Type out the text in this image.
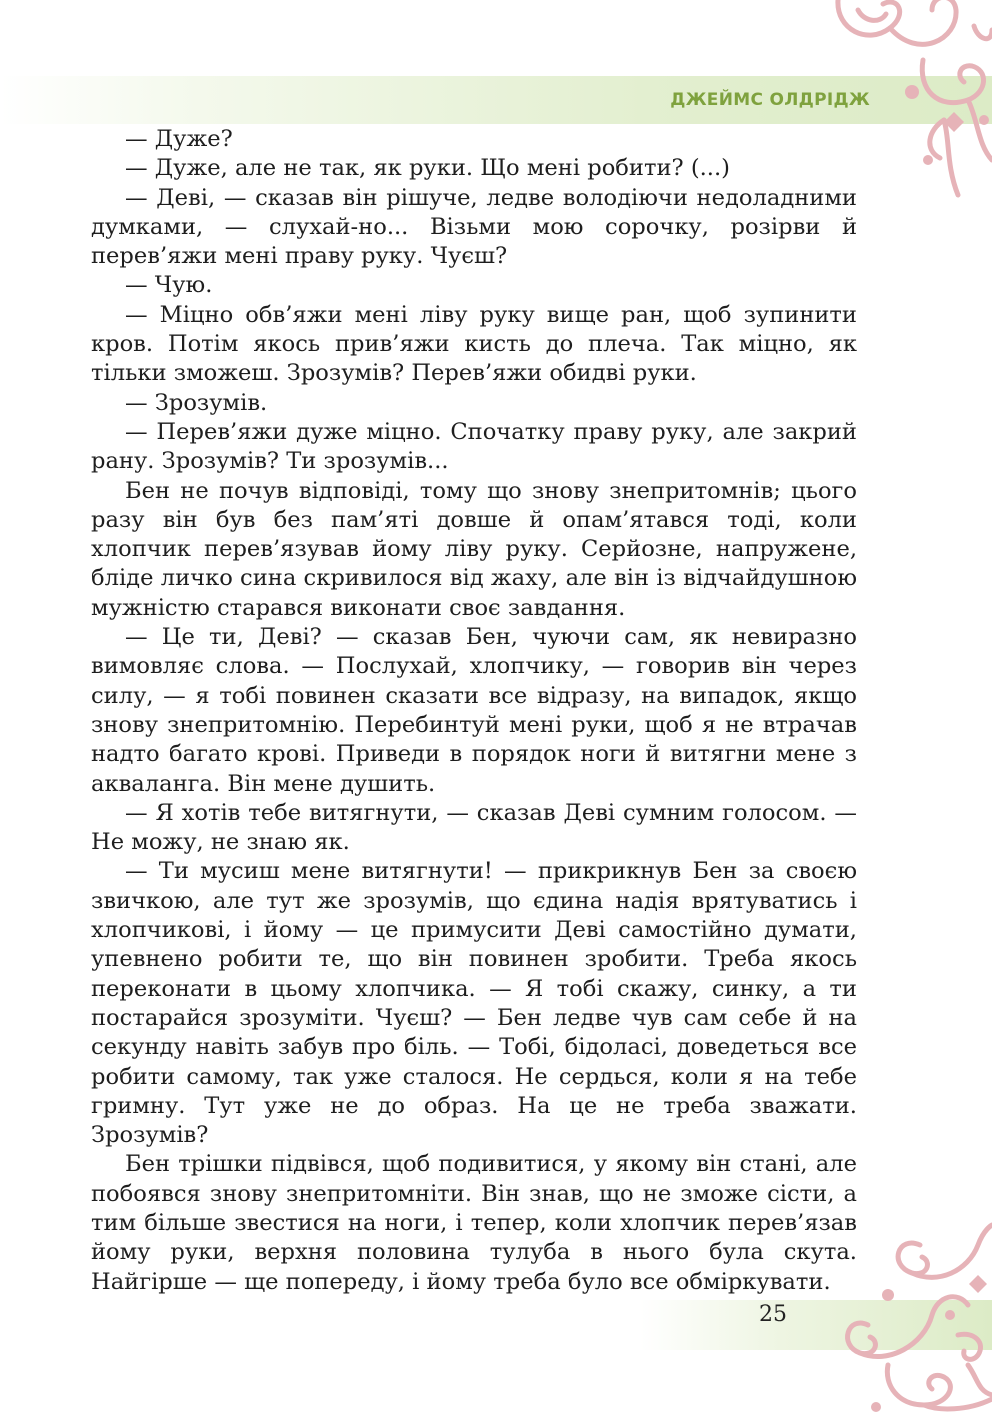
ДЖЕЙМС ОЛДРІДЖ

— Дуже?

— Дуже, але не так, як руки. Що мені робити? (...)

— Деві, — сказав він рішуче, ледве володіючи недоладними думками, — слухай-но... Візьми мою сорочку, розірви й перев’яжи мені праву руку. Чуєш?

— Чую.

— Міцно обв’яжи мені ліву руку вище ран, щоб зупинити кров. Потім якось прив’яжи кисть до плеча. Так міцно, як тільки зможеш. Зрозумів? Перев’яжи обидві руки.

— Зрозумів.

— Перев’яжи дуже міцно. Спочатку праву руку, але закрий рану. Зрозумів? Ти зрозумів...

Бен не почув відповіді, тому що знову знепритомнів; цього разу він був без пам’яті довше й опам’ятався тоді, коли хлопчик перев’язував йому ліву руку. Серйозне, напружене, бліде личко сина скривилося від жаху, але він із відчайдушною мужністю старався виконати своє завдання.

— Це ти, Деві? — сказав Бен, чуючи сам, як невиразно вимовляє слова. — Послухай, хлопчику, — говорив він через силу, — я тобі повинен сказати все відразу, на випадок, якщо знову знепритомнію. Перебинтуй мені руки, щоб я не втрачав надто багато крові. Приведи в порядок ноги й витягни мене з акваланга. Він мене душить.

— Я хотів тебе витягнути, — сказав Деві сумним голосом. — Не можу, не знаю як.

— Ти мусиш мене витягнути! — прикрикнув Бен за своєю звичкою, але тут же зрозумів, що єдина надія врятуватись і хлопчикові, і йому — це примусити Деві самостійно думати, упевнено робити те, що він повинен зробити. Треба якось переконати в цьому хлопчика. — Я тобі скажу, синку, а ти постарайся зрозуміти. Чуєш? — Бен ледве чув сам себе й на секунду навіть забув про біль. — Тобі, бідоласі, доведеться все робити самому, так уже сталося. Не сердься, коли я на тебе гримну. Тут уже не до образ. На це не треба зважати. Зрозумів?

Бен трішки підвівся, щоб подивитися, у якому він стані, але побоявся знову знепритомніти. Він знав, що не зможе сісти, а тим більше звестися на ноги, і тепер, коли хлопчик перев’язав йому руки, верхня половина тулуба в нього була скута. Найгірше — ще попереду, і йому треба було все обміркувати.

25
